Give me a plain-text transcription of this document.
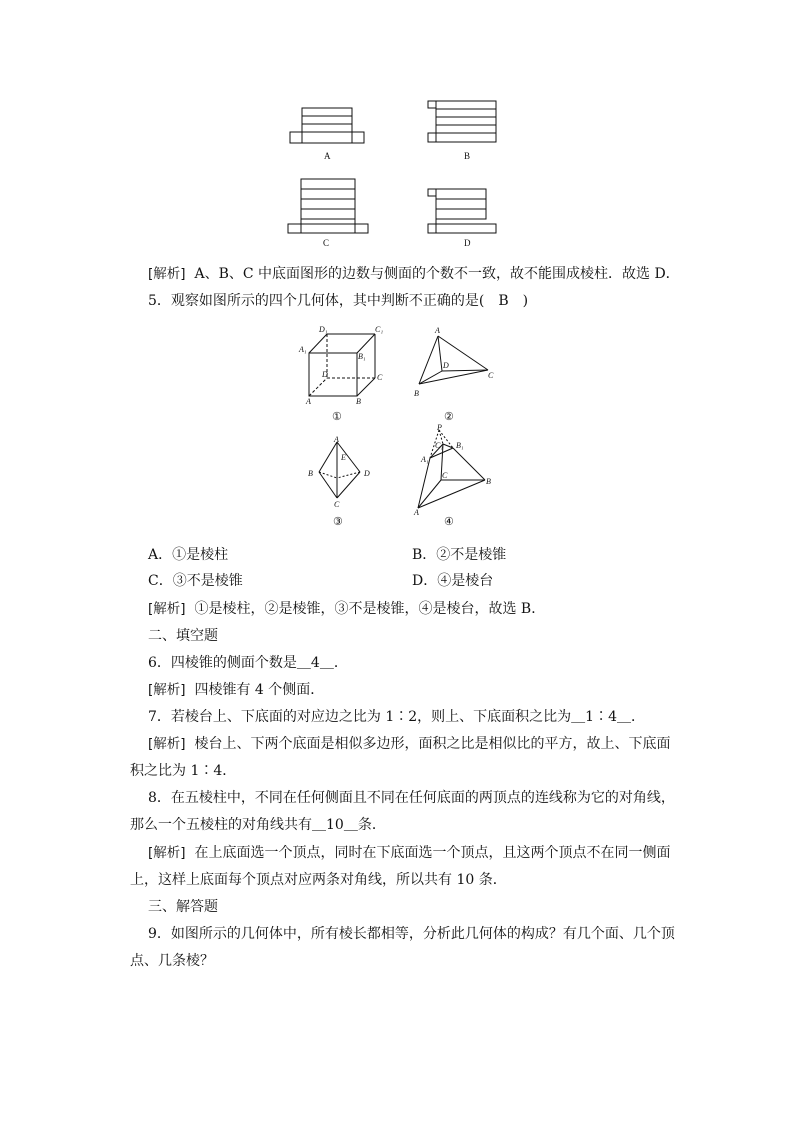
A	B
C	D
[解析] A、B、C 中底面图形的边数与侧面的个数不一致，故不能围成棱柱．故选 D．
5．观察如图所示的四个几何体，其中判断不正确的是(　B　)
D₁	C₁
A₁
B₁
D	C
A	B
①
A
D
C
B
②
A
E
B	D
C
③
P
C₁ B₁
A₁
C
B
A
④
A．①是棱柱	B．②不是棱锥
C．③不是棱锥	D．④是棱台
[解析] ①是棱柱，②是棱锥，③不是棱锥，④是棱台，故选 B．
二、填空题
6．四棱锥的侧面个数是＿4＿．
[解析] 四棱锥有 4 个侧面．
7．若棱台上、下底面的对应边之比为 1∶2，则上、下底面积之比为＿1∶4＿．
[解析] 棱台上、下两个底面是相似多边形，面积之比是相似比的平方，故上、下底面
积之比为 1∶4．
8．在五棱柱中，不同在任何侧面且不同在任何底面的两顶点的连线称为它的对角线，
那么一个五棱柱的对角线共有＿10＿条．
[解析] 在上底面选一个顶点，同时在下底面选一个顶点，且这两个顶点不在同一侧面
上，这样上底面每个顶点对应两条对角线，所以共有 10 条．
三、解答题
9．如图所示的几何体中，所有棱长都相等，分析此几何体的构成？有几个面、几个顶
点、几条棱？
